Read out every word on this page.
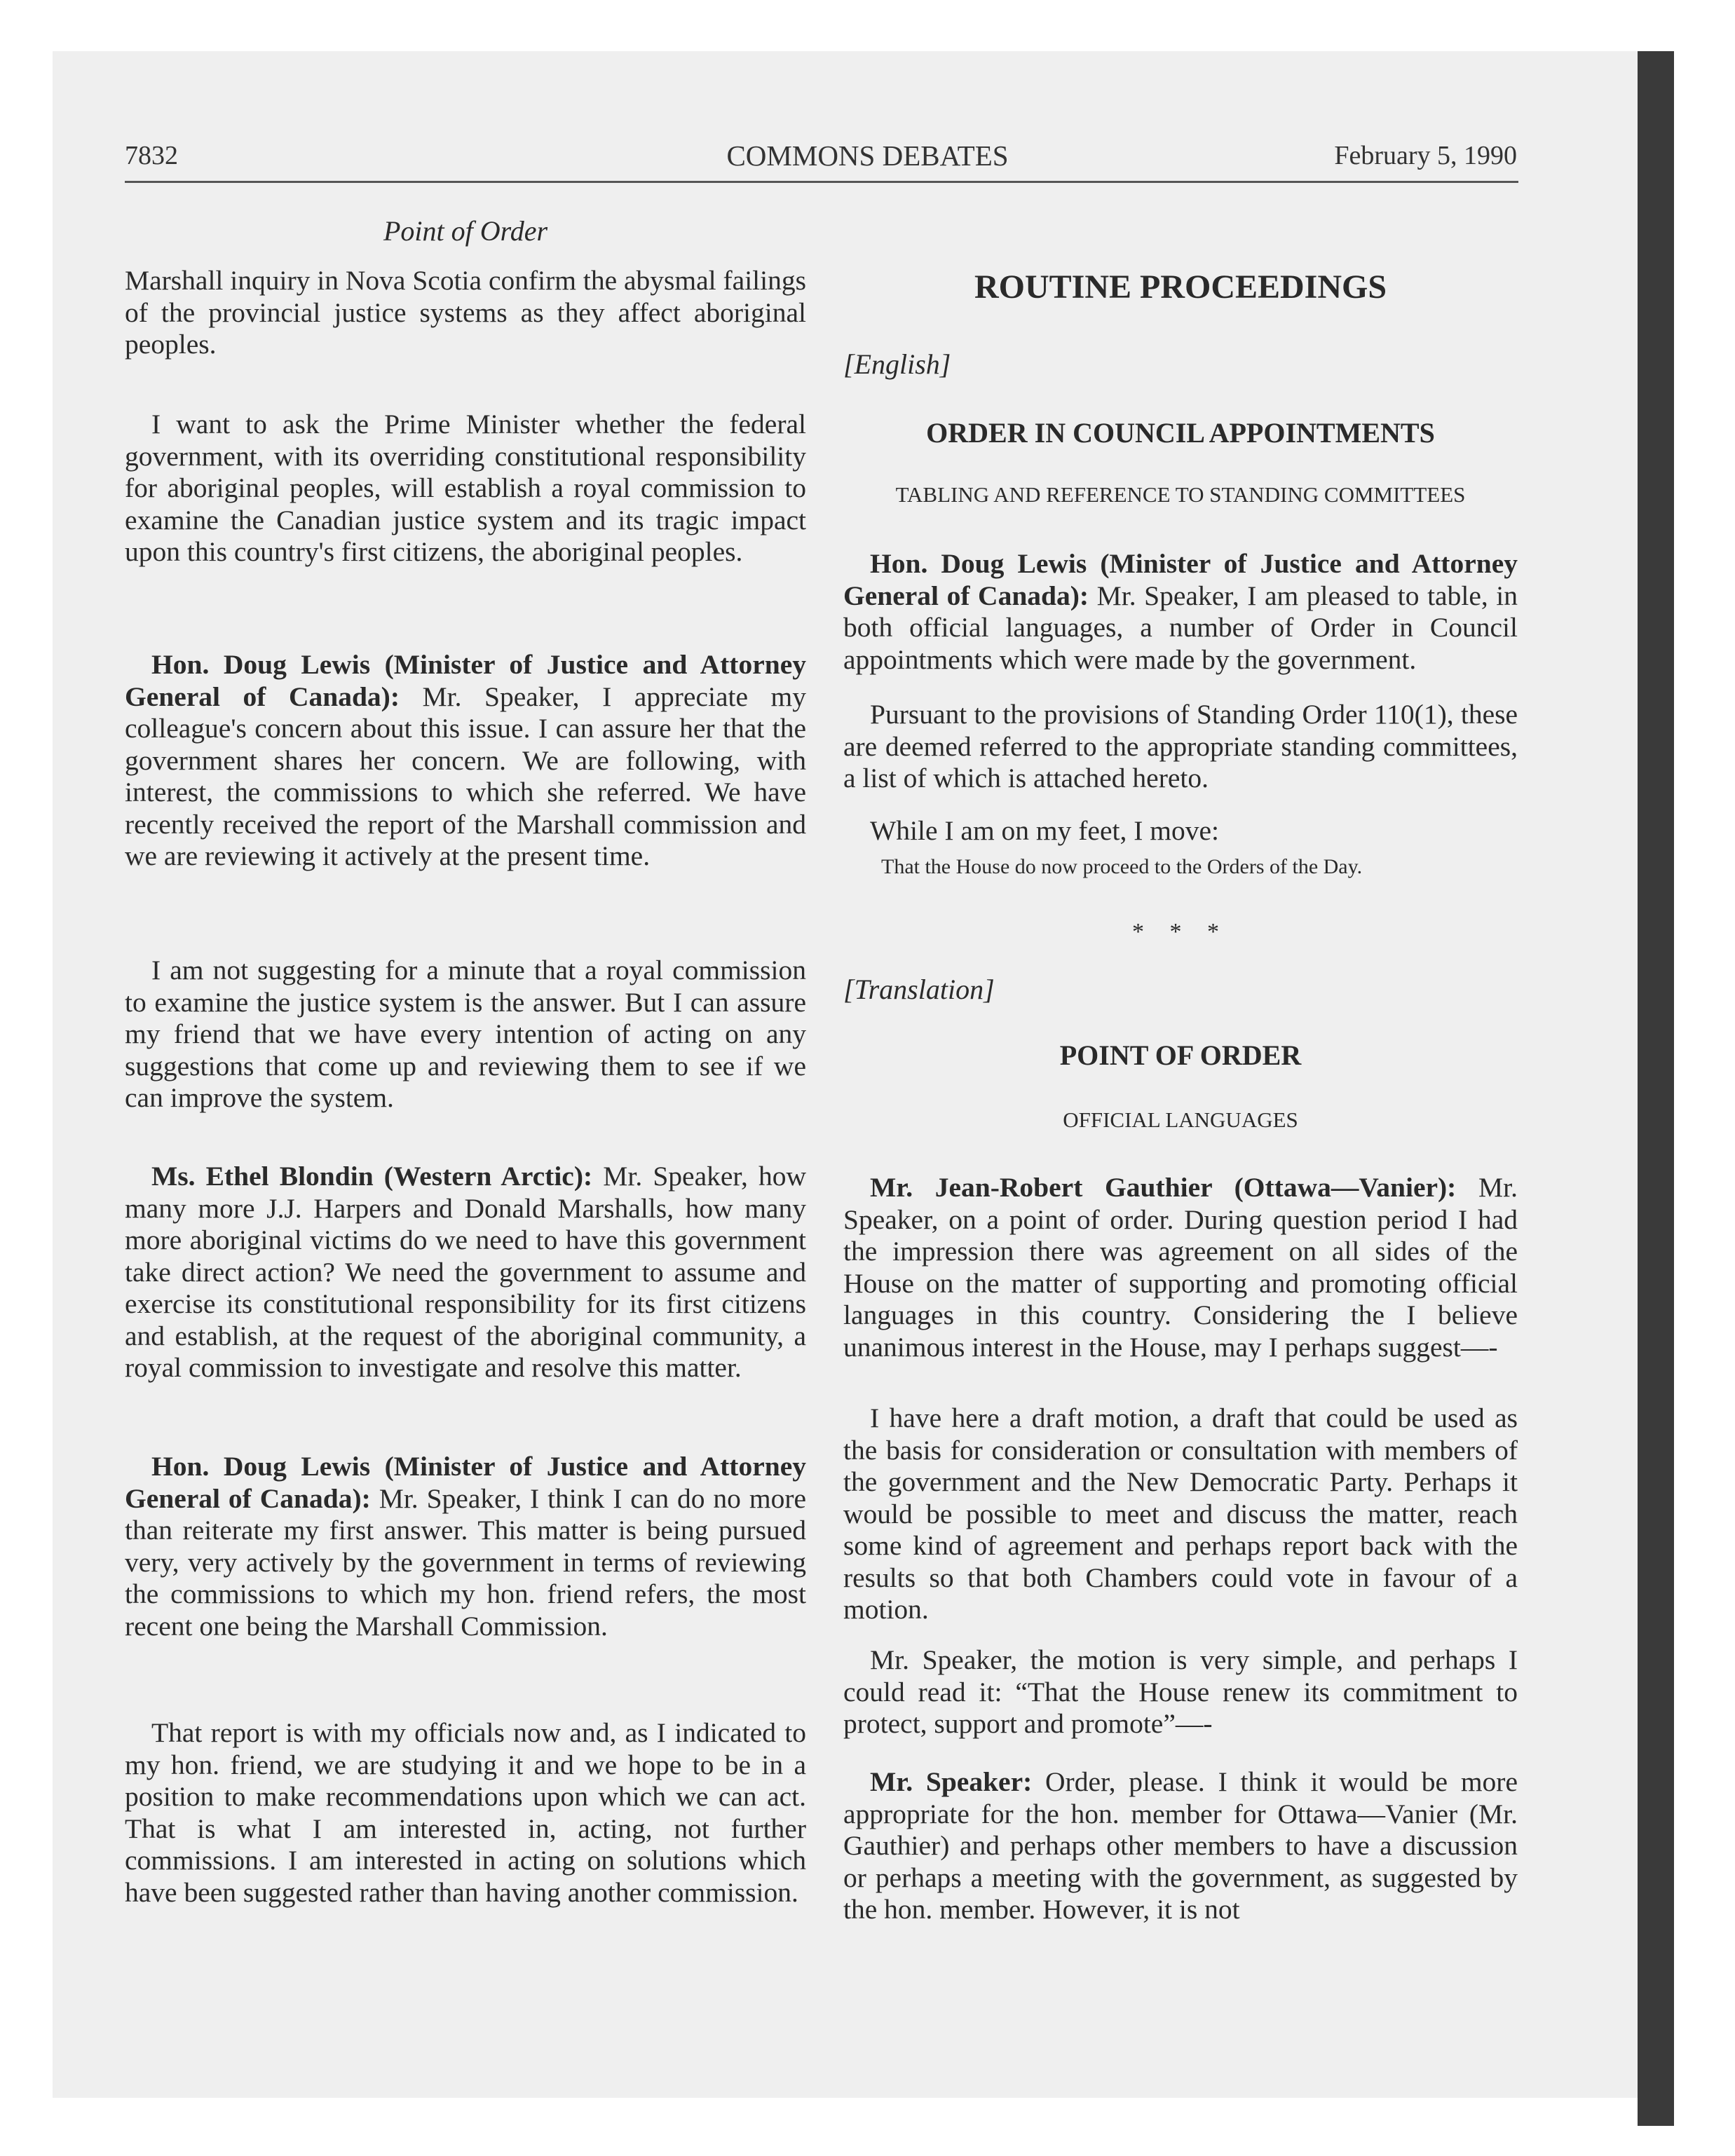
7832	COMMONS DEBATES	February 5, 1990
Point of Order

Marshall inquiry in Nova Scotia confirm the abysmal failings of the provincial justice systems as they affect aboriginal peoples.

I want to ask the Prime Minister whether the federal government, with its overriding constitutional responsibility for aboriginal peoples, will establish a royal commission to examine the Canadian justice system and its tragic impact upon this country's first citizens, the aboriginal peoples.

Hon. Doug Lewis (Minister of Justice and Attorney General of Canada): Mr. Speaker, I appreciate my colleague's concern about this issue. I can assure her that the government shares her concern. We are following, with interest, the commissions to which she referred. We have recently received the report of the Marshall commission and we are reviewing it actively at the present time.

I am not suggesting for a minute that a royal commission to examine the justice system is the answer. But I can assure my friend that we have every intention of acting on any suggestions that come up and reviewing them to see if we can improve the system.

Ms. Ethel Blondin (Western Arctic): Mr. Speaker, how many more J.J. Harpers and Donald Marshalls, how many more aboriginal victims do we need to have this government take direct action? We need the government to assume and exercise its constitutional responsibility for its first citizens and establish, at the request of the aboriginal community, a royal commission to investigate and resolve this matter.

Hon. Doug Lewis (Minister of Justice and Attorney General of Canada): Mr. Speaker, I think I can do no more than reiterate my first answer. This matter is being pursued very, very actively by the government in terms of reviewing the commissions to which my hon. friend refers, the most recent one being the Marshall Commission.

That report is with my officials now and, as I indicated to my hon. friend, we are studying it and we hope to be in a position to make recommendations upon which we can act. That is what I am interested in, acting, not further commissions. I am interested in acting on solutions which have been suggested rather than having another commission.

ROUTINE PROCEEDINGS
[English]
ORDER IN COUNCIL APPOINTMENTS
TABLING AND REFERENCE TO STANDING COMMITTEES

Hon. Doug Lewis (Minister of Justice and Attorney General of Canada): Mr. Speaker, I am pleased to table, in both official languages, a number of Order in Council appointments which were made by the government.

Pursuant to the provisions of Standing Order 110(1), these are deemed referred to the appropriate standing committees, a list of which is attached hereto.

While I am on my feet, I move:

That the House do now proceed to the Orders of the Day.
* * *
[Translation]
POINT OF ORDER
OFFICIAL LANGUAGES

Mr. Jean-Robert Gauthier (Ottawa—Vanier): Mr. Speaker, on a point of order. During question period I had the impression there was agreement on all sides of the House on the matter of supporting and promoting official languages in this country. Considering the I believe unanimous interest in the House, may I perhaps suggest—-

I have here a draft motion, a draft that could be used as the basis for consideration or consultation with members of the government and the New Democratic Party. Perhaps it would be possible to meet and discuss the matter, reach some kind of agreement and perhaps report back with the results so that both Chambers could vote in favour of a motion.

Mr. Speaker, the motion is very simple, and perhaps I could read it: “That the House renew its commitment to protect, support and promote”—-

Mr. Speaker: Order, please. I think it would be more appropriate for the hon. member for Ottawa—Vanier (Mr. Gauthier) and perhaps other members to have a discussion or perhaps a meeting with the government, as suggested by the hon. member. However, it is not
